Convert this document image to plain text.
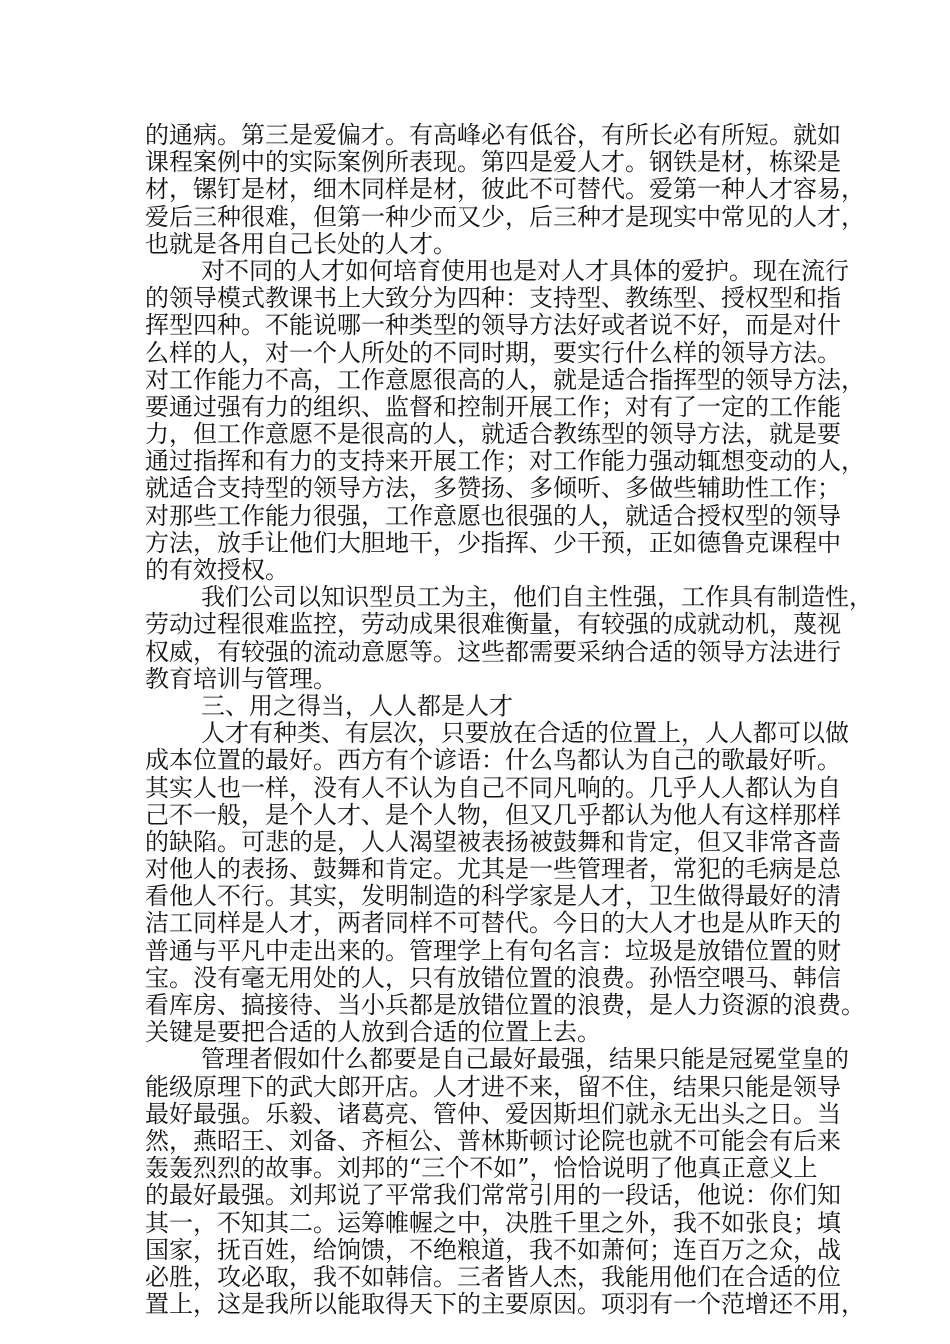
的通病。第三是爱偏才。有高峰必有低谷，有所长必有所短。就如
课程案例中的实际案例所表现。第四是爱人才。钢铁是材，栋梁是
材，镙钉是材，细木同样是材，彼此不可替代。爱第一种人才容易，
爱后三种很难，但第一种少而又少，后三种才是现实中常见的人才，
也就是各用自己长处的人才。
对不同的人才如何培育使用也是对人才具体的爱护。现在流行
的领导模式教课书上大致分为四种：支持型、教练型、授权型和指
挥型四种。不能说哪一种类型的领导方法好或者说不好，而是对什
么样的人，对一个人所处的不同时期，要实行什么样的领导方法。
对工作能力不高，工作意愿很高的人，就是适合指挥型的领导方法，
要通过强有力的组织、监督和控制开展工作；对有了一定的工作能
力，但工作意愿不是很高的人，就适合教练型的领导方法，就是要
通过指挥和有力的支持来开展工作；对工作能力强动辄想变动的人，
就适合支持型的领导方法，多赞扬、多倾听、多做些辅助性工作；
对那些工作能力很强，工作意愿也很强的人，就适合授权型的领导
方法，放手让他们大胆地干，少指挥、少干预，正如德鲁克课程中
的有效授权。
我们公司以知识型员工为主，他们自主性强，工作具有制造性，
劳动过程很难监控，劳动成果很难衡量，有较强的成就动机，蔑视
权威，有较强的流动意愿等。这些都需要采纳合适的领导方法进行
教育培训与管理。
三、用之得当，人人都是人才
人才有种类、有层次，只要放在合适的位置上，人人都可以做
成本位置的最好。西方有个谚语：什么鸟都认为自己的歌最好听。
其实人也一样，没有人不认为自己不同凡响的。几乎人人都认为自
己不一般，是个人才、是个人物，但又几乎都认为他人有这样那样
的缺陷。可悲的是，人人渴望被表扬被鼓舞和肯定，但又非常吝啬
对他人的表扬、鼓舞和肯定。尤其是一些管理者，常犯的毛病是总
看他人不行。其实，发明制造的科学家是人才，卫生做得最好的清
洁工同样是人才，两者同样不可替代。今日的大人才也是从昨天的
普通与平凡中走出来的。管理学上有句名言：垃圾是放错位置的财
宝。没有毫无用处的人，只有放错位置的浪费。孙悟空喂马、韩信
看库房、搞接待、当小兵都是放错位置的浪费，是人力资源的浪费。
关键是要把合适的人放到合适的位置上去。
管理者假如什么都要是自己最好最强，结果只能是冠冕堂皇的
能级原理下的武大郎开店。人才进不来，留不住，结果只能是领导
最好最强。乐毅、诸葛亮、管仲、爱因斯坦们就永无出头之日。当
然，燕昭王、刘备、齐桓公、普林斯顿讨论院也就不可能会有后来
轰轰烈烈的故事。刘邦的“三个不如”，恰恰说明了他真正意义上
的最好最强。刘邦说了平常我们常常引用的一段话，他说：你们知
其一，不知其二。运筹帷幄之中，决胜千里之外，我不如张良；填
国家，抚百姓，给饷馈，不绝粮道，我不如萧何；连百万之众，战
必胜，攻必取，我不如韩信。三者皆人杰，我能用他们在合适的位
置上，这是我所以能取得天下的主要原因。项羽有一个范增还不用，
